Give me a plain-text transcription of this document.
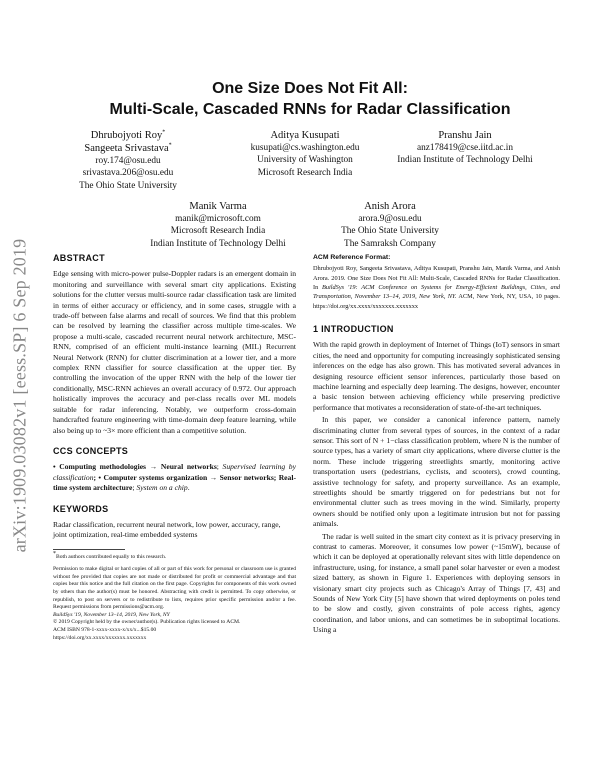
arXiv:1909.03082v1 [eess.SP] 6 Sep 2019
One Size Does Not Fit All:
Multi-Scale, Cascaded RNNs for Radar Classification
Dhrubojyoti Roy*
Sangeeta Srivastava*
roy.174@osu.edu
srivastava.206@osu.edu
The Ohio State University
Aditya Kusupati
kusupati@cs.washington.edu
University of Washington
Microsoft Research India
Pranshu Jain
anz178419@cse.iitd.ac.in
Indian Institute of Technology Delhi
Manik Varma
manik@microsoft.com
Microsoft Research India
Indian Institute of Technology Delhi
Anish Arora
arora.9@osu.edu
The Ohio State University
The Samraksh Company
ABSTRACT

Edge sensing with micro-power pulse-Doppler radars is an emergent domain in monitoring and surveillance with several smart city applications. Existing solutions for the clutter versus multi-source radar classification task are limited in terms of either accuracy or efficiency, and in some cases, struggle with a trade-off between false alarms and recall of sources. We find that this problem can be resolved by learning the classifier across multiple time-scales. We propose a multi-scale, cascaded recurrent neural network architecture, MSC-RNN, comprised of an efficient multi-instance learning (MIL) Recurrent Neural Network (RNN) for clutter discrimination at a lower tier, and a more complex RNN classifier for source classification at the upper tier. By controlling the invocation of the upper RNN with the help of the lower tier conditionally, MSC-RNN achieves an overall accuracy of 0.972. Our approach holistically improves the accuracy and per-class recalls over ML models suitable for radar inferencing. Notably, we outperform cross-domain handcrafted feature engineering with time-domain deep feature learning, while also being up to ~3× more efficient than a competitive solution.

CCS CONCEPTS

• Computing methodologies → Neural networks; Supervised learning by classification; • Computer systems organization → Sensor networks; Real-time system architecture; System on a chip.

KEYWORDS

Radar classification, recurrent neural network, low power, accuracy, range, joint optimization, real-time embedded systems

*Both authors contributed equally to this research.
Permission to make digital or hard copies of all or part of this work for personal or classroom use is granted without fee provided that copies are not made or distributed for profit or commercial advantage and that copies bear this notice and the full citation on the first page. Copyrights for components of this work owned by others than the author(s) must be honored. Abstracting with credit is permitted. To copy otherwise, or republish, to post on servers or to redistribute to lists, requires prior specific permission and/or a fee. Request permissions from permissions@acm.org.
BuildSys '19, November 13–14, 2019, New York, NY
© 2019 Copyright held by the owner/author(s). Publication rights licensed to ACM.
ACM ISBN 978-1-xxxx-xxxx-x/xx/x...$15.00
https://doi.org/xx.xxxx/xxxxxxx.xxxxxxx
ACM Reference Format:

Dhrubojyoti Roy, Sangeeta Srivastava, Aditya Kusupati, Pranshu Jain, Manik Varma, and Anish Arora. 2019. One Size Does Not Fit All: Multi-Scale, Cascaded RNNs for Radar Classification. In BuildSys '19: ACM Conference on Systems for Energy-Efficient Buildings, Cities, and Transportation, November 13–14, 2019, New York, NY. ACM, New York, NY, USA, 10 pages. https://doi.org/xx.xxxx/xxxxxxx.xxxxxxx

1 INTRODUCTION

With the rapid growth in deployment of Internet of Things (IoT) sensors in smart cities, the need and opportunity for computing increasingly sophisticated sensing inferences on the edge has also grown. This has motivated several advances in designing resource efficient sensor inferences, particularly those based on machine learning and especially deep learning. The designs, however, encounter a basic tension between achieving efficiency while preserving predictive performance that motivates a reconsideration of state-of-the-art techniques.

In this paper, we consider a canonical inference pattern, namely discriminating clutter from several types of sources, in the context of a radar sensor. This sort of N + 1−class classification problem, where N is the number of source types, has a variety of smart city applications, where diverse clutter is the norm. These include triggering streetlights smartly, monitoring active transportation users (pedestrians, cyclists, and scooters), crowd counting, assistive technology for safety, and property surveillance. As an example, streetlights should be smartly triggered on for pedestrians but not for environmental clutter such as trees moving in the wind. Similarly, property owners should be notified only upon a legitimate intrusion but not for passing animals.

The radar is well suited in the smart city context as it is privacy preserving in contrast to cameras. Moreover, it consumes low power (~15mW), because of which it can be deployed at operationally relevant sites with little dependence on infrastructure, using, for instance, a small panel solar harvester or even a modest sized battery, as shown in Figure 1. Experiences with deploying sensors in visionary smart city projects such as Chicago's Array of Things [7, 43] and Sounds of New York City [5] have shown that wired deployments on poles tend to be slow and costly, given constraints of pole access rights, agency coordination, and labor unions, and can sometimes be in suboptimal locations. Using a
